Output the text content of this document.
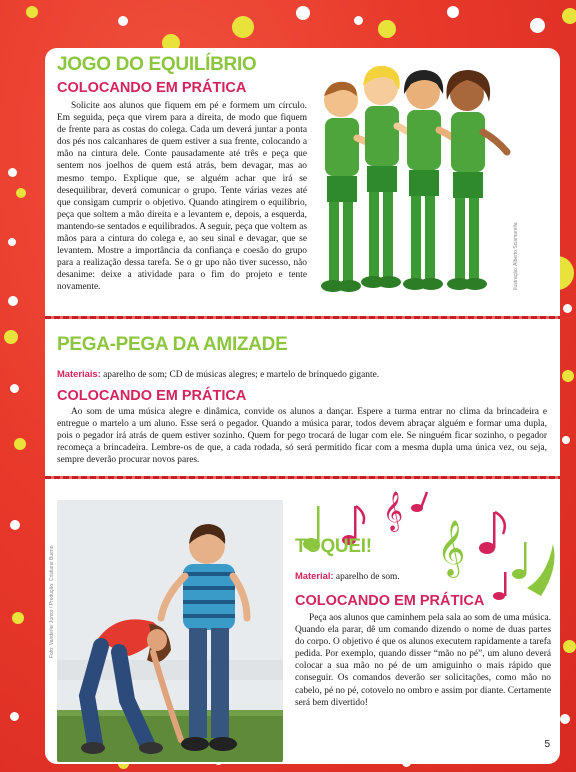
JOGO DO EQUILÍBRIO
COLOCANDO EM PRÁTICA

Solicite aos alunos que fiquem em pé e formem um círculo. Em seguida, peça que virem para a direita, de modo que fiquem de frente para as costas do colega. Cada um deverá juntar a ponta dos pés nos calcanhares de quem estiver a sua frente, colocando a mão na cintura dele. Conte pausadamente até três e peça que sentem nos joelhos de quem está atrás, bem devagar, mas ao mesmo tempo. Explique que, se alguém achar que irá se desequilibrar, deverá comunicar o grupo. Tente várias vezes até que consigam cumprir o objetivo. Quando atingirem o equilíbrio, peça que soltem a mão direita e a levantem e, depois, a esquerda, mantendo-se sentados e equilibrados. A seguir, peça que voltem as mãos para a cintura do colega e, ao seu sinal e devagar, que se levantem. Mostre a importância da confiança e coesão do grupo para a realização dessa tarefa. Se o gr upo não tiver sucesso, não desanime: deixe a atividade para o fim do projeto e tente novamente.	Ilustração: Alberto Sciamarella
PEGA-PEGA DA AMIZADE

Materiais: aparelho de som; CD de músicas alegres; e martelo de brinquedo gigante.

COLOCANDO EM PRÁTICA

Ao som de uma música alegre e dinâmica, convide os alunos a dançar. Espere a turma entrar no clima da brincadeira e entregue o martelo a um aluno. Esse será o pegador. Quando a música parar, todos devem abraçar alguém e formar uma dupla, pois o pegador irá atrás de quem estiver sozinho. Quem for pego trocará de lugar com ele. Se ninguém ficar sozinho, o pegador recomeça a brincadeira. Lembre-os de que, a cada rodada, só será permitido ficar com a mesma dupla uma única vez, ou seja, sempre deverão procurar novos pares.

Foto: Vanderlei Junior / Produção: Cristiane Bueno	𝄞
𝄞
TOQUEI!

Material: aparelho de som.

COLOCANDO EM PRÁTICA

Peça aos alunos que caminhem pela sala ao som de uma música. Quando ela parar, dê um comando dizendo o nome de duas partes do corpo. O objetivo é que os alunos executem rapidamente a tarefa pedida. Por exemplo, quando disser “mão no pé”, um aluno deverá colocar a sua mão no pé de um amiguinho o mais rápido que conseguir. Os comandos deverão ser solicitações, como mão no cabelo, pé no pé, cotovelo no ombro e assim por diante. Certamente será bem divertido!

5
